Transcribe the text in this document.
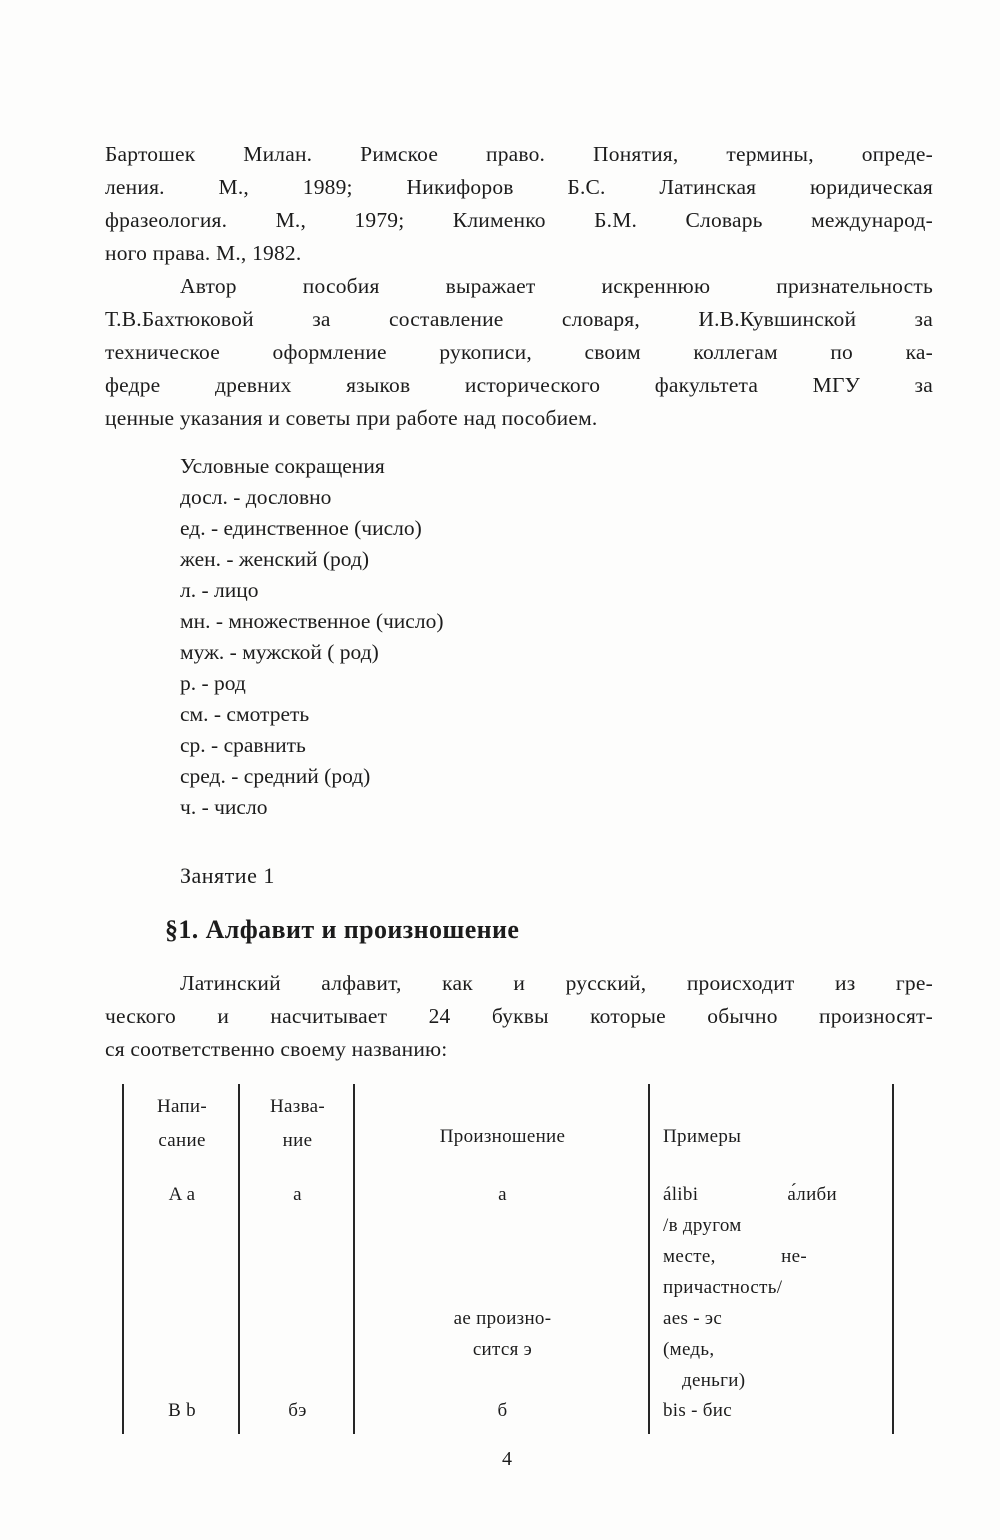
Бартошек Милан. Римское право. Понятия, термины, опреде-
ления. М., 1989; Никифоров Б.С. Латинская юридическая
фразеология. М., 1979; Клименко Б.М. Словарь международ-
ного права. М., 1982.
Автор пособия выражает искреннюю признательность
Т.В.Бахтюковой за составление словаря, И.В.Кувшинской за
техническое оформление рукописи, своим коллегам по ка-
федре древних языков исторического факультета МГУ за
ценные указания и советы при работе над пособием.
Условные сокращения
досл. - дословно
ед. - единственное (число)
жен. - женский (род)
л. - лицо
мн. - множественное (число)
муж. - мужской ( род)
р. - род
см. - смотреть
ср. - сравнить
сред. - средний (род)
ч. - число
Занятие 1
§1. Алфавит и произношение
Латинский алфавит, как и русский, происходит из гре-
ческого и насчитывает 24 буквы которые обычно произносят-
ся соответственно своему названию:
Напи-
сание
A a
B b
Назва-
ние
a
бэ
Произношение
a
ae произно-
сится э
б
Примеры
álibi	а́либи
/в другом
месте,	не-
причастность/
aes - эс
(медь,
деньги)
bis - бис
4
